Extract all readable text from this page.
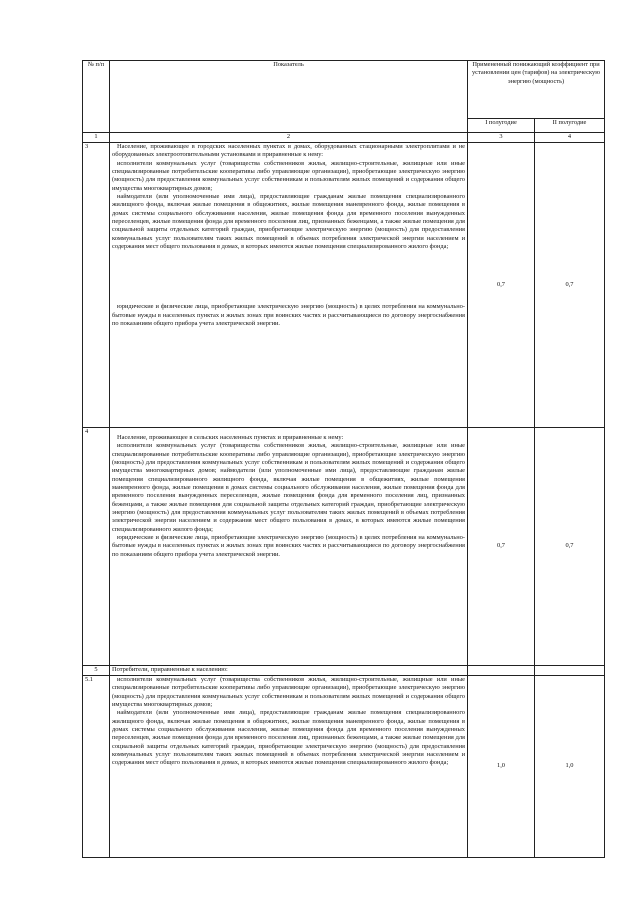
№ п/п	Показатель	Примененный понижающий коэффициент при установлении цен (тарифов) на электрическую энергию (мощность)	
		I полугодие	II полугодие
1	2	3	4
3	Население, проживающее в городских населенных пунктах в домах, оборудованных стационарными электроплитами и не оборудованных электроотопительными установками и приравненные к нему:

исполнители коммунальных услуг (товарищества собственников жилья, жилищно-строительные, жилищные или иные специализированные потребительские кооперативы либо управляющие организации), приобретающие электрическую энергию (мощность) для предоставления коммунальных услуг собственникам и пользователям жилых помещений и содержания общего имущества многоквартирных домов;

наймодатели (или уполномоченные ими лица), предоставляющие гражданам жилые помещения специализированного жилищного фонда, включая жилые помещения в общежитиях, жилые помещения маневренного фонда, жилые помещения в домах системы социального обслуживания населения, жилые помещения фонда для временного поселения вынужденных переселенцев, жилые помещения фонда для временного поселения лиц, признанных беженцами, а также жилые помещения для социальной защиты отдельных категорий граждан, приобретающие электрическую энергию (мощность) для предоставления коммунальных услуг пользователям таких жилых помещений в объемах потребления электрической энергии населением и содержания мест общего пользования в домах, в которых имеются жилые помещения специализированного жилого фонда;

юридические и физические лица, приобретающие электрическую энергию (мощность) в целях потребления на коммунально-бытовые нужды в населенных пунктах и жилых зонах при воинских частях и рассчитывающиеся по договору энергоснабжения по показаниям общего прибора учета электрической энергии.	0,7	0,7
4	Население, проживающее в сельских населенных пунктах и приравненные к нему:

исполнители коммунальных услуг (товарищества собственников жилья, жилищно-строительные, жилищные или иные специализированные потребительские кооперативы либо управляющие организации), приобретающие электрическую энергию (мощность) для предоставления коммунальных услуг собственникам и пользователям жилых помещений и содержания общего имущества многоквартирных домов; наймодатели (или уполномоченные ими лица), предоставляющие гражданам жилые помещения специализированного жилищного фонда, включая жилые помещения в общежитиях, жилые помещения маневренного фонда, жилые помещения в домах системы социального обслуживания населения, жилые помещения фонда для временного поселения вынужденных переселенцев, жилые помещения фонда для временного поселения лиц, признанных беженцами, а также жилые помещения для социальной защиты отдельных категорий граждан, приобретающие электрическую энергию (мощность) для предоставления коммунальных услуг пользователям таких жилых помещений в объемах потребления электрической энергии населением и содержания мест общего пользования в домах, в которых имеются жилые помещения специализированного жилого фонда;

юридические и физические лица, приобретающие электрическую энергию (мощность) в целях потребления на коммунально-бытовые нужды в населенных пунктах и жилых зонах при воинских частях и рассчитывающиеся по договору энергоснабжения по показаниям общего прибора учета электрической энергии.	0,7	0,7
5	Потребители, приравненные к населению:		
5.1	исполнители коммунальных услуг (товарищества собственников жилья, жилищно-строительные, жилищные или иные специализированные потребительские кооперативы либо управляющие организации), приобретающие электрическую энергию (мощность) для предоставления коммунальных услуг собственникам и пользователям жилых помещений и содержания общего имущества многоквартирных домов;

наймодатели (или уполномоченные ими лица), предоставляющие гражданам жилые помещения специализированного жилищного фонда, включая жилые помещения в общежитиях, жилые помещения маневренного фонда, жилые помещения в домах системы социального обслуживания населения, жилые помещения фонда для временного поселения вынужденных переселенцев, жилые помещения фонда для временного поселения лиц, признанных беженцами, а также жилые помещения для социальной защиты отдельных категорий граждан, приобретающие электрическую энергию (мощность) для предоставления коммунальных услуг пользователям таких жилых помещений в объемах потребления электрической энергии населением и содержания мест общего пользования в домах, в которых имеются жилые помещения специализированного жилого фонда;	1,0	1,0
